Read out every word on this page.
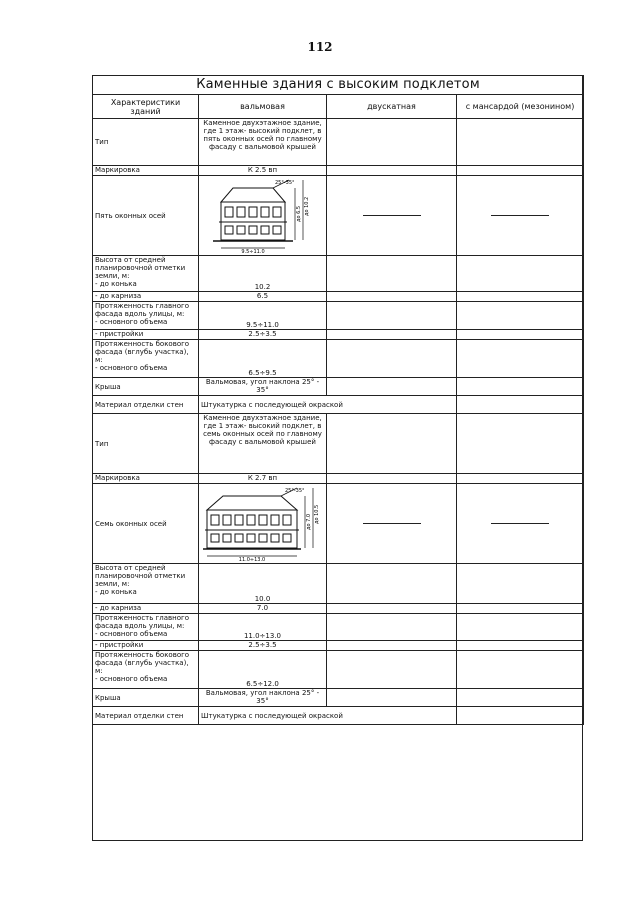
112
Каменные здания с высоким подклетом			
Характеристики зданий	вальмовая	двускатная	с мансардой (мезонином)
Тип	Каменное двухэтажное здание, где 1 этаж- высокий подклет, в пять оконных осей по главному фасаду с вальмовой крышей		
Маркировка	К 2.5 вп		
Пять оконных осей	25°-35°
до 6.5 до 10.2
9.5÷11.0		

Высота от средней планировочной отметки земли, м:
- до конька	10.2		
- до карниза	6.5		
Протяженность главного фасада вдоль улицы, м:
- основного объема	9.5÷11.0		
- пристройки	2.5÷3.5		
Протяженность бокового фасада (вглубь участка), м:
- основного объема	6.5÷9.5		
Крыша	Вальмовая, угол наклона 25° - 35°		
Материал отделки стен	Штукатурка с последующей окраской		
Тип	Каменное двухэтажное здание, где 1 этаж- высокий подклет, в семь оконных осей по главному фасаду с вальмовой крышей		
Маркировка	К 2.7 вп		
Семь оконных осей	25°-35°
до 7.0 до 10.5
11.0÷13.0		

Высота от средней планировочной отметки земли, м:
- до конька	10.0		
- до карниза	7.0		
Протяженность главного фасада вдоль улицы, м:
- основного объема	11.0÷13.0		
- пристройки	2.5÷3.5		
Протяженность бокового фасада (вглубь участка), м:
- основного объема	6.5÷12.0		
Крыша	Вальмовая, угол наклона 25° - 35°		
Материал отделки стен	Штукатурка с последующей окраской		
